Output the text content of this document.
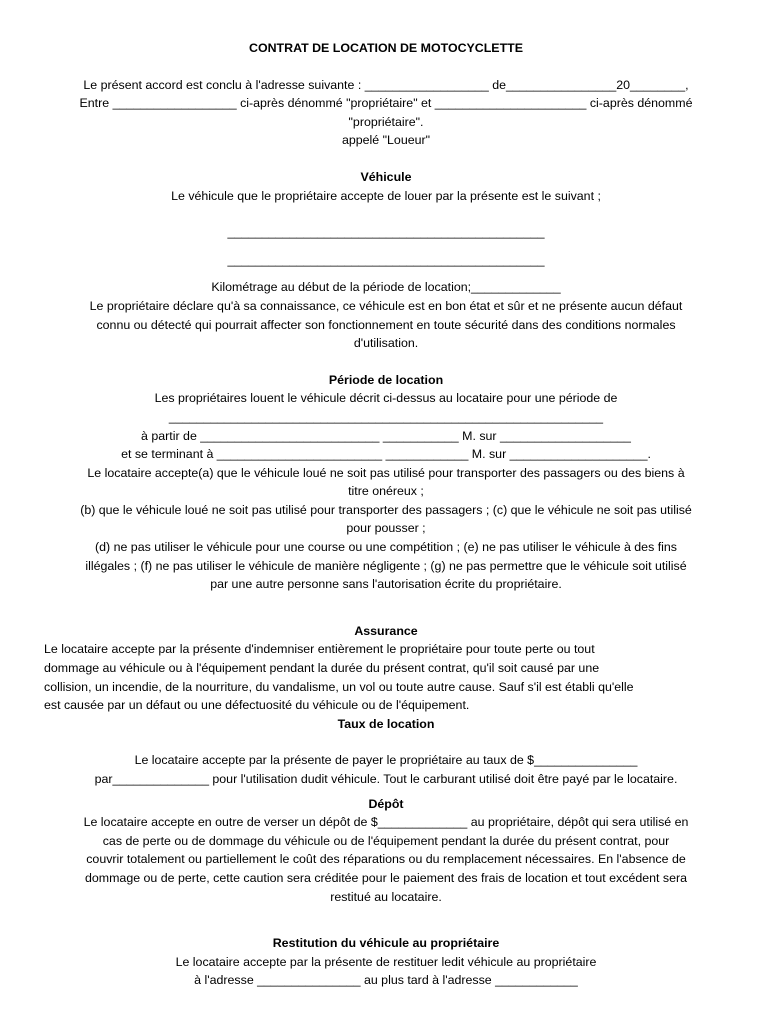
CONTRAT DE LOCATION DE MOTOCYCLETTE

Le présent accord est conclu à l'adresse suivante : __________________ de________________20________,

Entre __________________ ci-après dénommé "propriétaire" et ______________________ ci-après dénommé

"propriétaire".

appelé "Loueur"

Véhicule

Le véhicule que le propriétaire accepte de louer par la présente est le suivant ;

______________________________________________

______________________________________________

Kilométrage au début de la période de location;_____________

Le propriétaire déclare qu'à sa connaissance, ce véhicule est en bon état et sûr et ne présente aucun défaut

connu ou détecté qui pourrait affecter son fonctionnement en toute sécurité dans des conditions normales

d'utilisation.

Période de location

Les propriétaires louent le véhicule décrit ci-dessus au locataire pour une période de

_______________________________________________________________

à partir de __________________________ ___________ M. sur ___________________

et se terminant à ________________________ ____________ M. sur ____________________.

Le locataire accepte(a) que le véhicule loué ne soit pas utilisé pour transporter des passagers ou des biens à

titre onéreux ;

(b) que le véhicule loué ne soit pas utilisé pour transporter des passagers ; (c) que le véhicule ne soit pas utilisé

pour pousser ;

(d) ne pas utiliser le véhicule pour une course ou une compétition ; (e) ne pas utiliser le véhicule à des fins

illégales ; (f) ne pas utiliser le véhicule de manière négligente ; (g) ne pas permettre que le véhicule soit utilisé

par une autre personne sans l'autorisation écrite du propriétaire.

Assurance

Le locataire accepte par la présente d'indemniser entièrement le propriétaire pour toute perte ou tout

dommage au véhicule ou à l'équipement pendant la durée du présent contrat, qu'il soit causé par une

collision, un incendie, de la nourriture, du vandalisme, un vol ou toute autre cause. Sauf s'il est établi qu'elle

est causée par un défaut ou une défectuosité du véhicule ou de l'équipement.

Taux de location

Le locataire accepte par la présente de payer le propriétaire au taux de $_______________

par______________ pour l'utilisation dudit véhicule. Tout le carburant utilisé doit être payé par le locataire.

Dépôt

Le locataire accepte en outre de verser un dépôt de $_____________ au propriétaire, dépôt qui sera utilisé en

cas de perte ou de dommage du véhicule ou de l'équipement pendant la durée du présent contrat, pour

couvrir totalement ou partiellement le coût des réparations ou du remplacement nécessaires. En l'absence de

dommage ou de perte, cette caution sera créditée pour le paiement des frais de location et tout excédent sera

restitué au locataire.

Restitution du véhicule au propriétaire

Le locataire accepte par la présente de restituer ledit véhicule au propriétaire

à l'adresse _______________ au plus tard à l'adresse ____________
